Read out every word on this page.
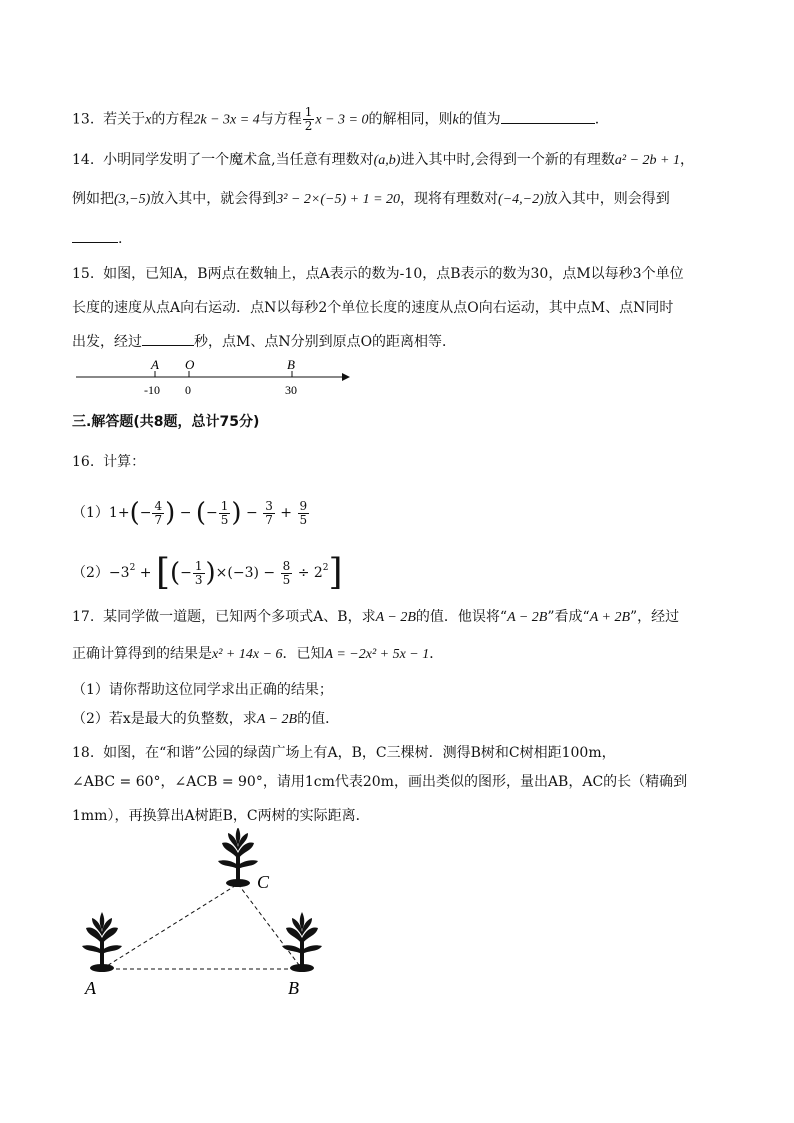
13. 若关于x的方程2k − 3x = 4与方程 $\frac{1}{2}$ x − 3 = 0的解相同，则k的值为	.
14. 小明同学发明了一个魔术盒,当任意有理数对(a,b)进入其中时,会得到一个新的有理数a² − 2b + 1，
例如把(3,−5)放入其中，就会得到3² − 2×(−5) + 1 = 20，现将有理数对(−4,−2)放入其中，则会得到
.
15. 如图，已知A，B两点在数轴上，点A表示的数为-10，点B表示的数为30，点M以每秒3个单位
长度的速度从点A向右运动．点N以每秒2个单位长度的速度从点O向右运动，其中点M、点N同时
出发，经过	秒，点M、点N分别到原点O的距离相等．
A
-10
O
0
B
30
三.解答题(共8题，总计75分)
16. 计算：
$(1)1+(- \frac{4}{7}$ ) − (− $\frac{1}{5}$ ) − $\frac{3}{7} + \frac{9}{5}$
$(2)-3^2$ + [(− $\frac{1}{3} )\times(-3) - \frac{8}{5} \div 2^2$]
17. 某同学做一道题，已知两个多项式A、B，求A − 2B的值．他误将“A − 2B”看成“A + 2B”，经过
正确计算得到的结果是x² + 14x − 6．已知A = −2x² + 5x − 1．
（1）请你帮助这位同学求出正确的结果；
（2）若x是最大的负整数，求A − 2B的值．
18. 如图，在“和谐”公园的绿茵广场上有A，B，C三棵树．测得B树和C树相距100m，
∠ABC = 60°，∠ACB = 90°，请用1cm代表20m，画出类似的图形，量出AB，AC的长（精确到
1mm），再换算出A树距B，C两树的实际距离．
A	B
C
